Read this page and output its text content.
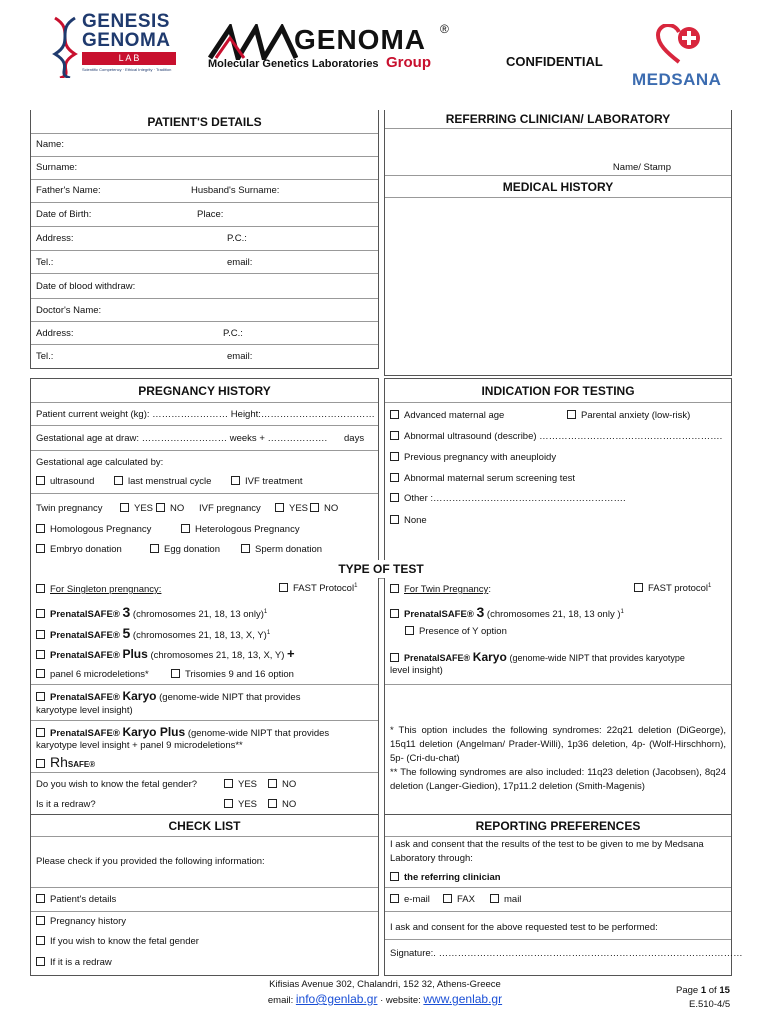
GENESIS
GENOMA
L A B
Scientific Competency · Ethical Integrity · Tradition
GENOMA ®
Molecular Genetics Laboratories Group	CONFIDENTIAL
MEDSANA
PATIENT'S DETAILS
Name:
Surname:
Father's Name:	Husband's Surname:
Date of Birth:	Place:
Address:	P.C.:
Tel.:	email:
Date of blood withdraw:
Doctor's Name:
Address:	P.C.:
Tel.:	email:
REFERRING CLINICIAN/ LABORATORY
Name/ Stamp
MEDICAL HISTORY
PREGNANCY HISTORY
Patient current weight (kg): …………………… Height:………………………………
Gestational age at draw: ……………………… weeks + ………………. days
Gestational age calculated by:
ultrasound	last menstrual cycle	IVF treatment
Twin pregnancy	YES	NO IVF pregnancy	YES	NO
Homologous Pregnancy	Heterologous Pregnancy
Embryo donation	Egg donation	Sperm donation
INDICATION FOR TESTING
Advanced maternal age	Parental anxiety (low-risk)
Abnormal ultrasound (describe) ………………………………………………….
Previous pregnancy with aneuploidy
Abnormal maternal serum screening test
Other :…………………………………………………….
None
TYPE OF TEST
For Singleton prengnancy:	FAST Protocol$^1$
PrenatalSAFE® 3 (chromosomes 21, 18, 13 only)$^1$
PrenatalSAFE® 5 (chromosomes 21, 18, 13, X, Y)$^1$
PrenatalSAFE® Plus (chromosomes 21, 18, 13, X, Y) +
panel 6 microdeletions*	Trisomies 9 and 16 option
PrenatalSAFE® Karyo (genome-wide NIPT that provides
karyotype level insight)
PrenatalSAFE® Karyo Plus (genome-wide NIPT that provides
karyotype level insight + panel 9 microdeletions**
RhSAFE®
Do you wish to know the fetal gender?	YES	NO
Is it a redraw?	YES	NO
For Twin Pregnancy:	FAST protocol$^1$
PrenatalSAFE® 3 (chromosomes 21, 18, 13 only )$^1$
Presence of Y option
PrenatalSAFE® Karyo (genome-wide NIPT that provides karyotype
level insight)
* This option includes the following syndromes: 22q21 deletion (DiGeorge), 15q11 deletion (Angelman/ Prader-Willi), 1p36 deletion, 4p- (Wolf-Hirschhorn), 5p- (Cri-du-chat)
** The following syndromes are also included: 11q23 deletion (Jacobsen), 8q24 deletion (Langer-Giedion), 17p11.2 deletion (Smith-Magenis)
CHECK LIST
Please check if you provided the following information:
Patient's details
Pregnancy history
If you wish to know the fetal gender
If it is a redraw
REPORTING PREFERENCES
I ask and consent that the results of the test to be given to me by Medsana Laboratory through:
the referring clinician
e-mail	FAX	mail
I ask and consent for the above requested test to be performed:
Signature:. ……………………………………………………………………………………
Kifisias Avenue 302, Chalandri, 152 32, Athens-Greece
email: info@genlab.gr · website: www.genlab.gr
Page 1 of 15
E.510-4/5
